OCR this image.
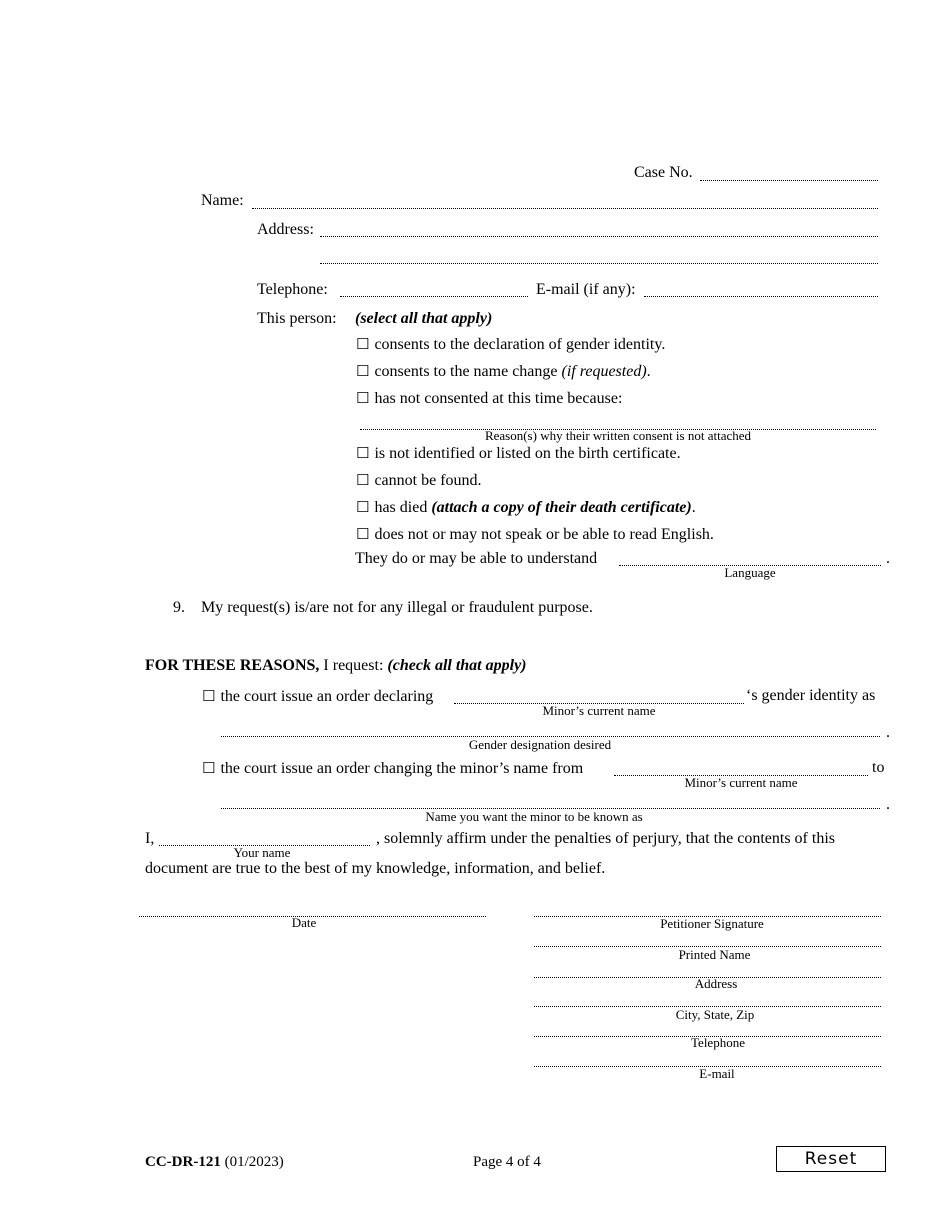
Case No.
Name:
Address:
Telephone:	E-mail (if any):
This person: (select all that apply)
☐ consents to the declaration of gender identity.
☐ consents to the name change (if requested).
☐ has not consented at this time because:
Reason(s) why their written consent is not attached
☐ is not identified or listed on the birth certificate.
☐ cannot be found.
☐ has died (attach a copy of their death certificate).
☐ does not or may not speak or be able to read English.
They do or may be able to understand	.
Language
9. My request(s) is/are not for any illegal or fraudulent purpose.
FOR THESE REASONS, I request: (check all that apply)
☐ the court issue an order declaring	‘s gender identity as
Minor’s current name
.
Gender designation desired
☐ the court issue an order changing the minor’s name from	to
Minor’s current name
.
Name you want the minor to be known as
I,	, solemnly affirm under the penalties of perjury, that the contents of this
Your name
document are true to the best of my knowledge, information, and belief.
Date	Petitioner Signature
Printed Name
Address
City, State, Zip
Telephone
E-mail
CC-DR-121 (01/2023)	Page 4 of 4	Reset
